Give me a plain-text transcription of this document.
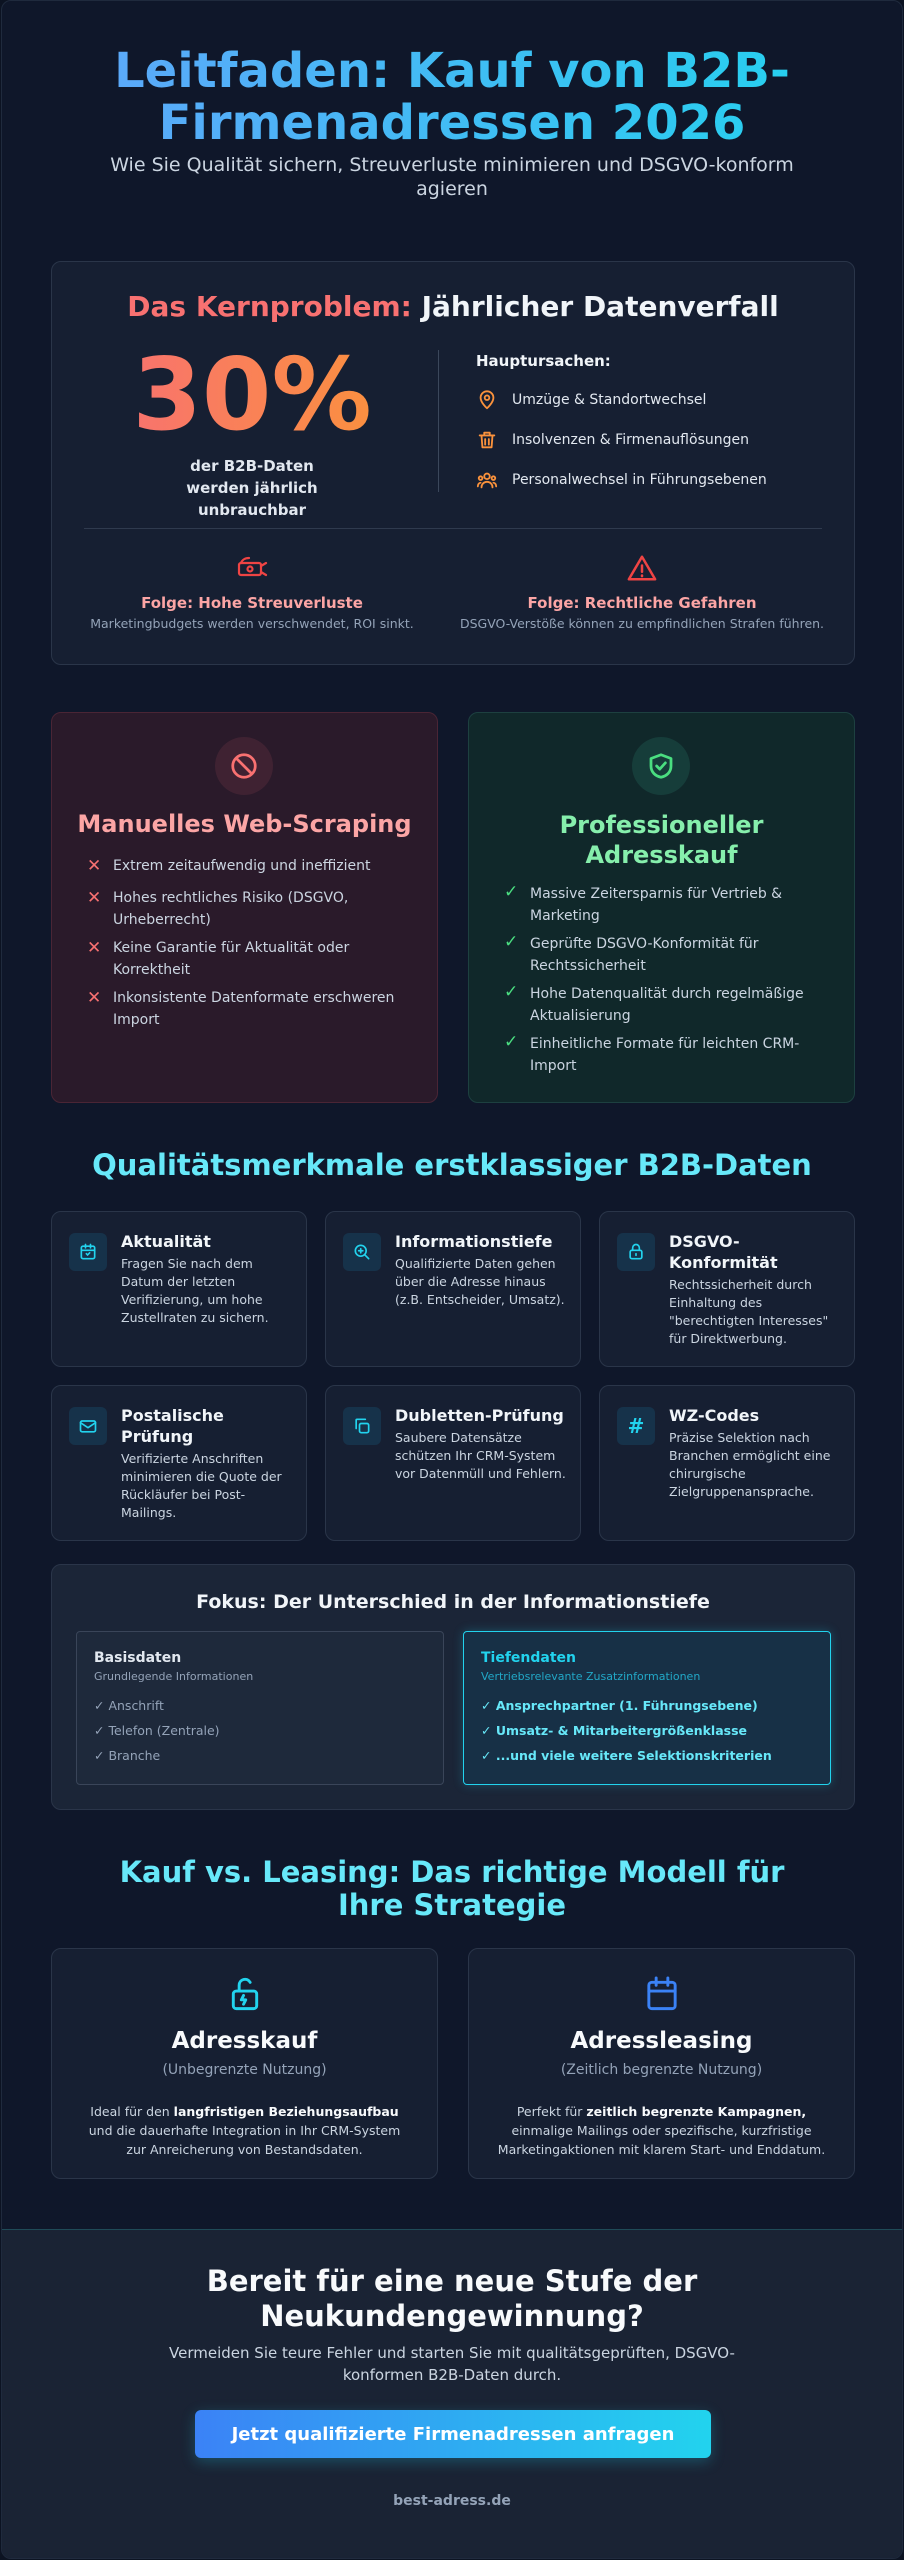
Leitfaden: Kauf von B2B-Firmenadressen 2026

Wie Sie Qualität sichern, Streuverluste minimieren und DSGVO-konform agieren

Das Kernproblem: Jährlicher Datenverfall
30%
der B2B-Daten werden jährlich unbrauchbar
Hauptursachen:
Umzüge & Standortwechsel
Insolvenzen & Firmenauflösungen
Personalwechsel in Führungsebenen
Folge: Hohe Streuverluste
Marketingbudgets werden verschwendet, ROI sinkt.
Folge: Rechtliche Gefahren
DSGVO-Verstöße können zu empfindlichen Strafen führen.
Manuelles Web-Scraping
✕ Extrem zeitaufwendig und ineffizient
✕ Hohes rechtliches Risiko (DSGVO, Urheberrecht)
✕ Keine Garantie für Aktualität oder Korrektheit
✕ Inkonsistente Datenformate erschweren Import
Professioneller Adresskauf
✓ Massive Zeitersparnis für Vertrieb & Marketing
✓ Geprüfte DSGVO-Konformität für Rechtssicherheit
✓ Hohe Datenqualität durch regelmäßige Aktualisierung
✓ Einheitliche Formate für leichten CRM-Import
Qualitätsmerkmale erstklassiger B2B-Daten
Aktualität
Fragen Sie nach dem Datum der letzten Verifizierung, um hohe Zustellraten zu sichern.
Informationstiefe
Qualifizierte Daten gehen über die Adresse hinaus (z.B. Entscheider, Umsatz).
DSGVO-Konformität
Rechtssicherheit durch Einhaltung des "berechtigten Interesses" für Direktwerbung.
Postalische Prüfung
Verifizierte Anschriften minimieren die Quote der Rückläufer bei Post-Mailings.
Dubletten-Prüfung
Saubere Datensätze schützen Ihr CRM-System vor Datenmüll und Fehlern.
# WZ-Codes
Präzise Selektion nach Branchen ermöglicht eine chirurgische Zielgruppenansprache.
Fokus: Der Unterschied in der Informationstiefe
Basisdaten
Grundlegende Informationen
✓ Anschrift
✓ Telefon (Zentrale)
✓ Branche
Tiefendaten
Vertriebsrelevante Zusatzinformationen
✓ Ansprechpartner (1. Führungsebene)
✓ Umsatz- & Mitarbeitergrößenklasse
✓ ...und viele weitere Selektionskriterien
Kauf vs. Leasing: Das richtige Modell für Ihre Strategie
Adresskauf
(Unbegrenzte Nutzung)
Ideal für den langfristigen Beziehungsaufbau und die dauerhafte Integration in Ihr CRM-System zur Anreicherung von Bestandsdaten.
Adressleasing
(Zeitlich begrenzte Nutzung)
Perfekt für zeitlich begrenzte Kampagnen, einmalige Mailings oder spezifische, kurzfristige Marketingaktionen mit klarem Start- und Enddatum.
Bereit für eine neue Stufe der Neukundengewinnung?
Vermeiden Sie teure Fehler und starten Sie mit qualitätsgeprüften, DSGVO-konformen B2B-Daten durch.
Jetzt qualifizierte Firmenadressen anfragen
best-adress.de
